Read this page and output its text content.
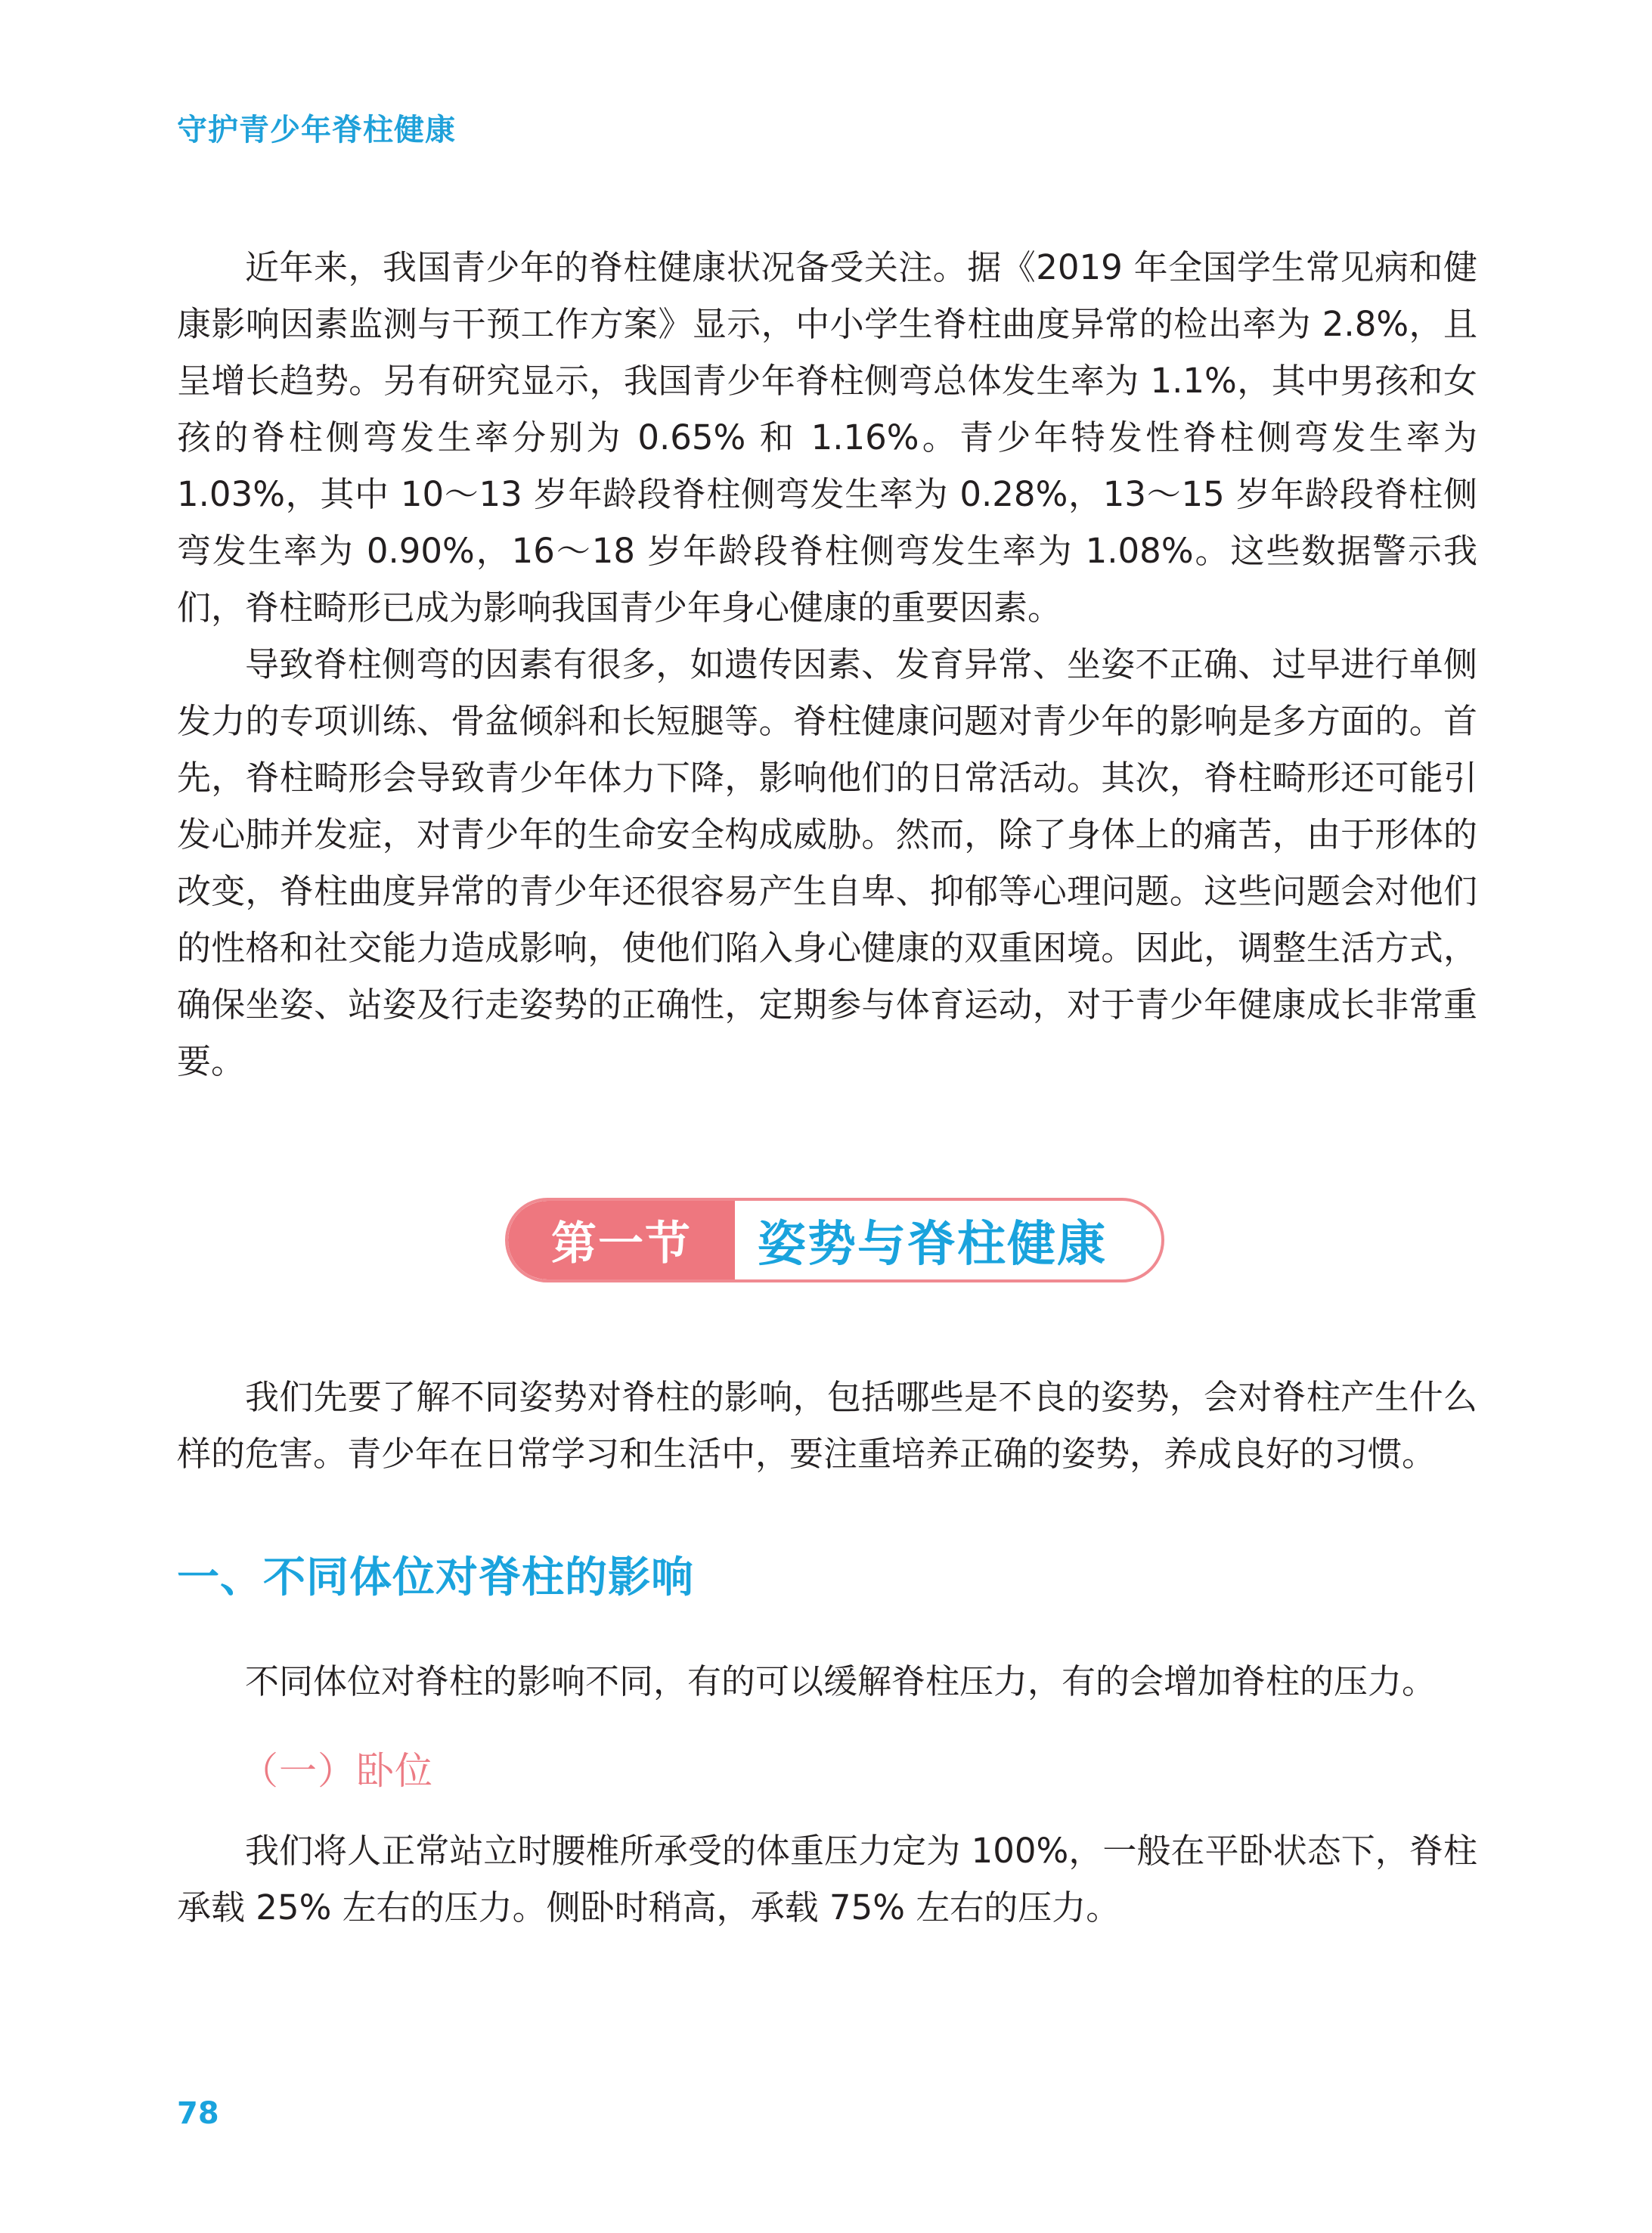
守护青少年脊柱健康

近年来，我国青少年的脊柱健康状况备受关注。据《2019 年全国学生常见病和健康影响因素监测与干预工作方案》显示，中小学生脊柱曲度异常的检出率为 2.8%，且呈增长趋势。另有研究显示，我国青少年脊柱侧弯总体发生率为 1.1%，其中男孩和女孩的脊柱侧弯发生率分别为 0.65% 和 1.16%。青少年特发性脊柱侧弯发生率为 1.03%，其中 10～13 岁年龄段脊柱侧弯发生率为 0.28%，13～15 岁年龄段脊柱侧弯发生率为 0.90%，16～18 岁年龄段脊柱侧弯发生率为 1.08%。这些数据警示我们，脊柱畸形已成为影响我国青少年身心健康的重要因素。

导致脊柱侧弯的因素有很多，如遗传因素、发育异常、坐姿不正确、过早进行单侧发力的专项训练、骨盆倾斜和长短腿等。脊柱健康问题对青少年的影响是多方面的。首先，脊柱畸形会导致青少年体力下降，影响他们的日常活动。其次，脊柱畸形还可能引发心肺并发症，对青少年的生命安全构成威胁。然而，除了身体上的痛苦，由于形体的改变，脊柱曲度异常的青少年还很容易产生自卑、抑郁等心理问题。这些问题会对他们的性格和社交能力造成影响，使他们陷入身心健康的双重困境。因此，调整生活方式，确保坐姿、站姿及行走姿势的正确性，定期参与体育运动，对于青少年健康成长非常重要。

第一节	姿势与脊柱健康

我们先要了解不同姿势对脊柱的影响，包括哪些是不良的姿势，会对脊柱产生什么样的危害。青少年在日常学习和生活中，要注重培养正确的姿势，养成良好的习惯。

一、不同体位对脊柱的影响

不同体位对脊柱的影响不同，有的可以缓解脊柱压力，有的会增加脊柱的压力。

（一）卧位

我们将人正常站立时腰椎所承受的体重压力定为 100%，一般在平卧状态下，脊柱承载 25% 左右的压力。侧卧时稍高，承载 75% 左右的压力。

78
